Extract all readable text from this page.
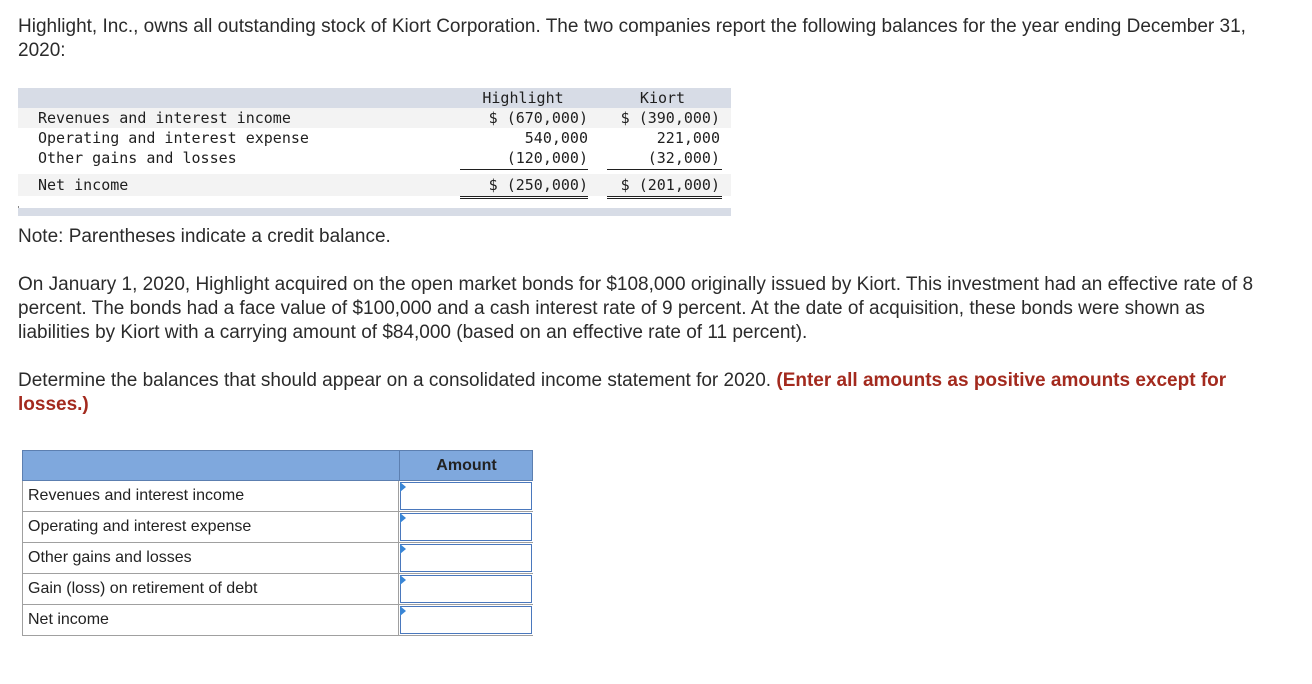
Highlight, Inc., owns all outstanding stock of Kiort Corporation. The two companies report the following balances for the year ending December 31, 2020:

Highlight	Kiort
Revenues and interest income	$ (670,000)	$ (390,000)
Operating and interest expense	540,000	221,000
Other gains and losses	(120,000)	(32,000)
Net income	$ (250,000)	$ (201,000)

Note: Parentheses indicate a credit balance.

On January 1, 2020, Highlight acquired on the open market bonds for $108,000 originally issued by Kiort. This investment had an effective rate of 8 percent. The bonds had a face value of $100,000 and a cash interest rate of 9 percent. At the date of acquisition, these bonds were shown as liabilities by Kiort with a carrying amount of $84,000 (based on an effective rate of 11 percent).

Determine the balances that should appear on a consolidated income statement for 2020. (Enter all amounts as positive amounts except for losses.)

Amount
Revenues and interest income
Operating and interest expense
Other gains and losses
Gain (loss) on retirement of debt
Net income
